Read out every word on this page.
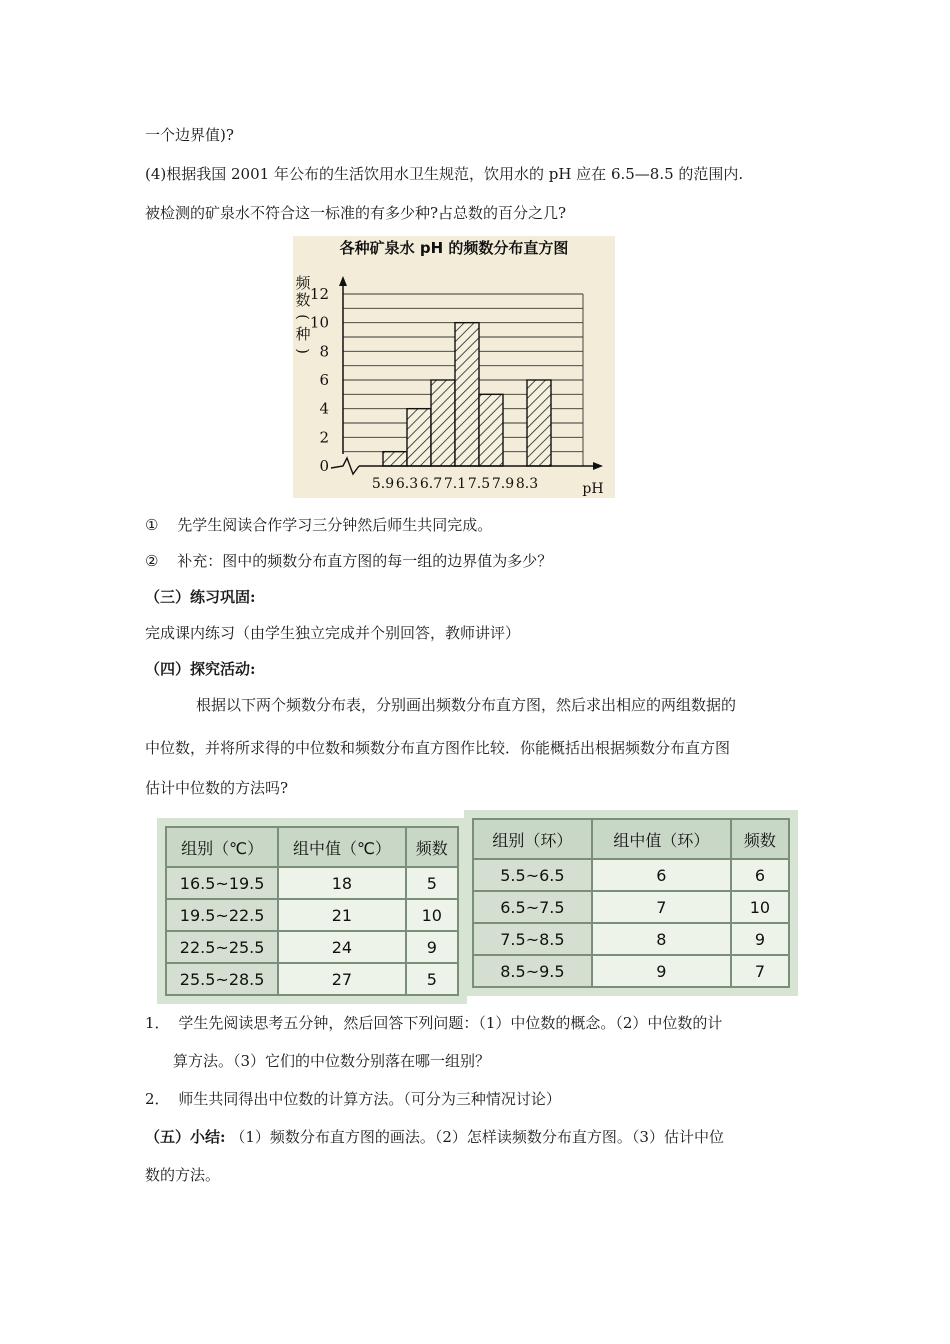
一个边界值)?
(4)根据我国 2001 年公布的生活饮用水卫生规范，饮用水的 pH 应在 6.5—8.5 的范围内.
被检测的矿泉水不符合这一标准的有多少种?占总数的百分之几?
各种矿泉水 pH 的频数分布直方图
频
数
(
种
)
0
2
4
6
8
10
12
5.9 6.3 6.7 7.1 7.5 7.9 8.3	pH
① 先学生阅读合作学习三分钟然后师生共同完成。
② 补充：图中的频数分布直方图的每一组的边界值为多少？
（三）练习巩固:
完成课内练习（由学生独立完成并个别回答，教师讲评）
（四）探究活动:
根据以下两个频数分布表，分别画出频数分布直方图，然后求出相应的两组数据的
中位数，并将所求得的中位数和频数分布直方图作比较．你能概括出根据频数分布直方图
估计中位数的方法吗?
组别（℃）	组中值（℃）	频数
16.5~19.5	18	5
19.5~22.5	21	10
22.5~25.5	24	9
25.5~28.5	27	5
组别（环）	组中值（环）	频数
5.5~6.5	6	6
6.5~7.5	7	10
7.5~8.5	8	9
8.5~9.5	9	7
1． 学生先阅读思考五分钟，然后回答下列问题：（1）中位数的概念。（2）中位数的计
算方法。（3）它们的中位数分别落在哪一组别？
2． 师生共同得出中位数的计算方法。（可分为三种情况讨论）
（五）小结: （1）频数分布直方图的画法。（2）怎样读频数分布直方图。（3）估计中位
数的方法。
